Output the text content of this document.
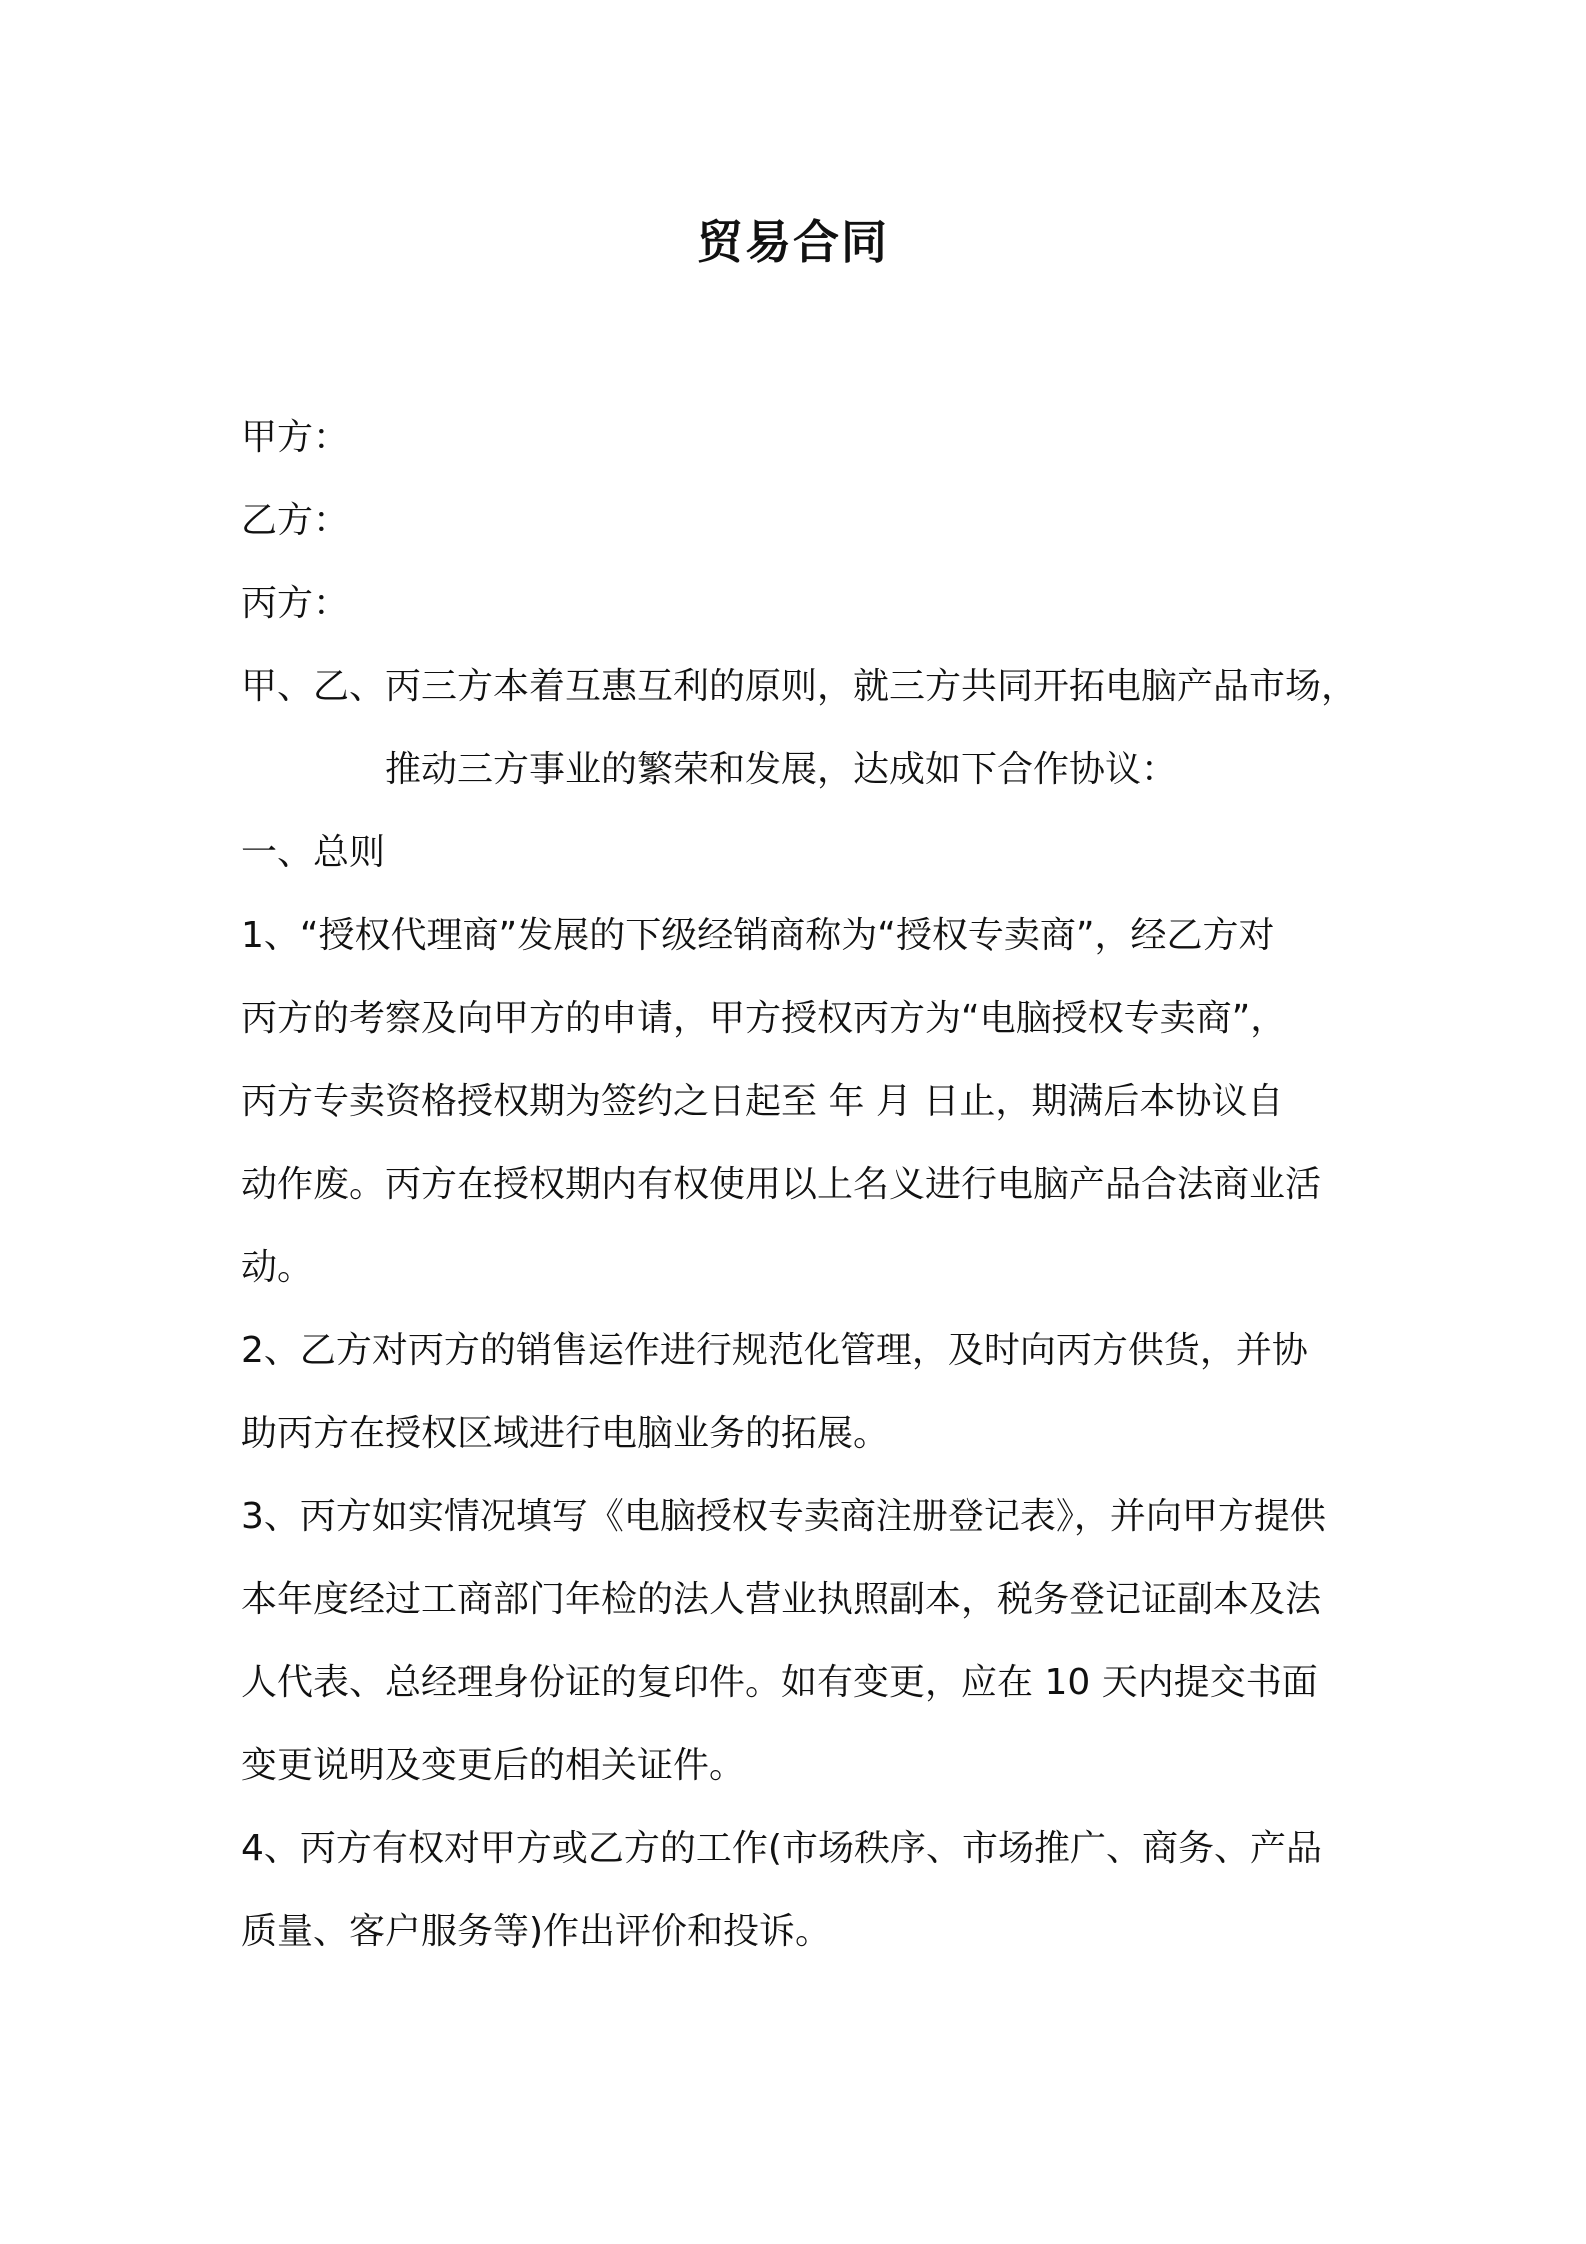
贸易合同
甲方：
乙方：
丙方：
甲、乙、丙三方本着互惠互利的原则，就三方共同开拓电脑产品市场，
推动三方事业的繁荣和发展，达成如下合作协议：
一、总则
1、“授权代理商”发展的下级经销商称为“授权专卖商”，经乙方对
丙方的考察及向甲方的申请，甲方授权丙方为“电脑授权专卖商”，
丙方专卖资格授权期为签约之日起至 年 月 日止，期满后本协议自
动作废。丙方在授权期内有权使用以上名义进行电脑产品合法商业活
动。
2、乙方对丙方的销售运作进行规范化管理，及时向丙方供货，并协
助丙方在授权区域进行电脑业务的拓展。
3、丙方如实情况填写《电脑授权专卖商注册登记表》，并向甲方提供
本年度经过工商部门年检的法人营业执照副本，税务登记证副本及法
人代表、总经理身份证的复印件。如有变更，应在 10 天内提交书面
变更说明及变更后的相关证件。
4、丙方有权对甲方或乙方的工作(市场秩序、市场推广、商务、产品
质量、客户服务等)作出评价和投诉。
